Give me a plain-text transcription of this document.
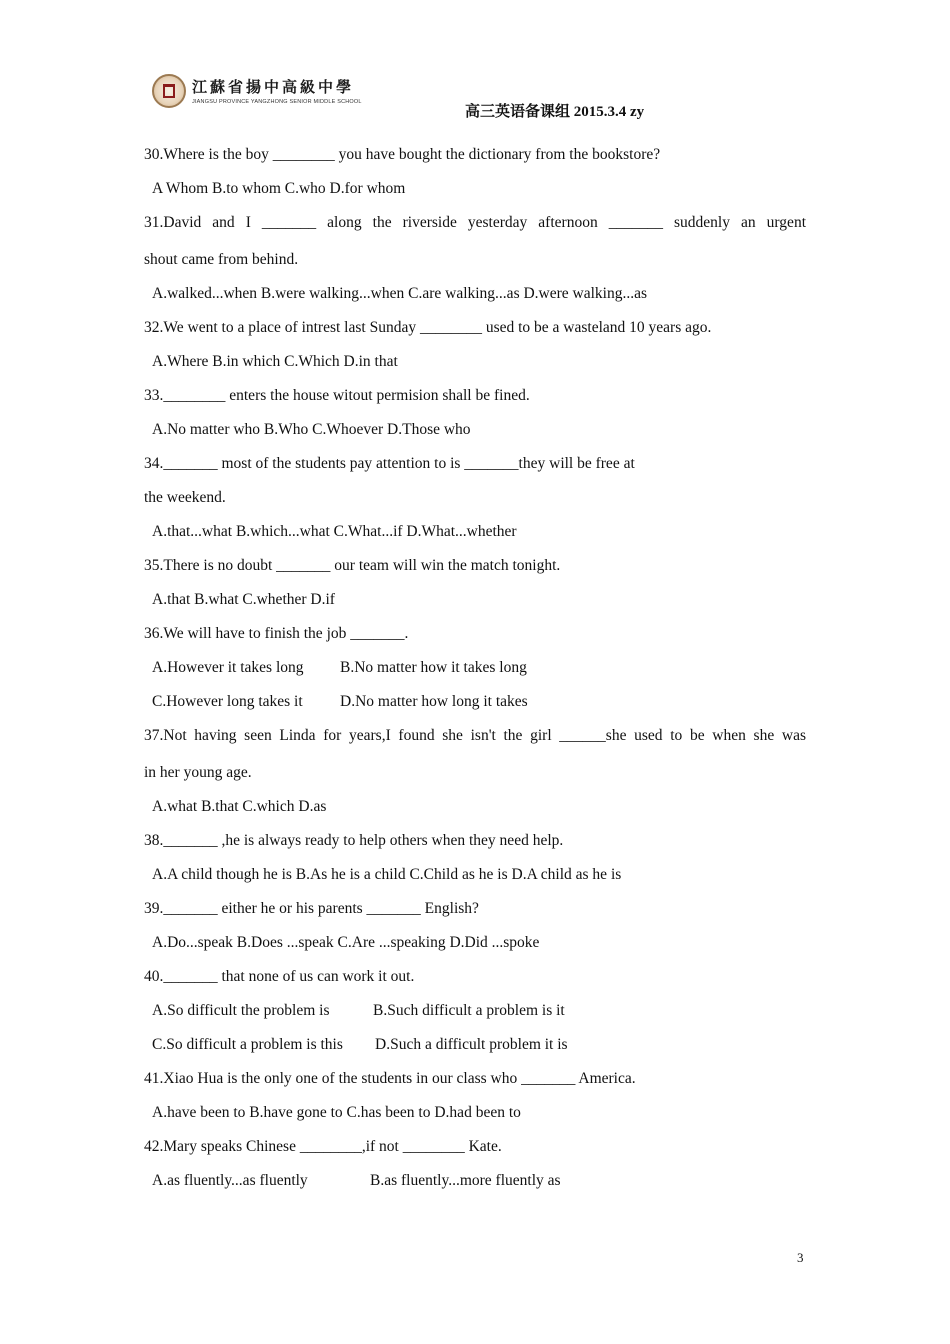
江蘇省揚中高級中學
JIANGSU PROVINCE YANGZHONG SENIOR MIDDLE SCHOOL
高三英语备课组 2015.3.4 zy

30.Where is the boy ________ you have bought the dictionary from the bookstore?

A Whom B.to whom C.who D.for whom

31.David and I _______ along the riverside yesterday afternoon _______ suddenly an urgent

shout came from behind.

A.walked...when B.were walking...when C.are walking...as D.were walking...as

32.We went to a place of intrest last Sunday ________ used to be a wasteland 10 years ago.

A.Where B.in which C.Which D.in that

33.________ enters the house witout permision shall be fined.

A.No matter who B.Who C.Whoever D.Those who

34._______ most of the students pay attention to is _______they will be free at

the weekend.

A.that...what B.which...what C.What...if D.What...whether

35.There is no doubt _______ our team will win the match tonight.

A.that B.what C.whether D.if

36.We will have to finish the job _______.

A.However it takes long B.No matter how it takes long

C.However long takes it D.No matter how long it takes

37.Not having seen Linda for years,I found she isn't the girl ______she used to be when she was

in her young age.

A.what B.that C.which D.as

38._______ ,he is always ready to help others when they need help.

A.A child though he is B.As he is a child C.Child as he is D.A child as he is

39._______ either he or his parents _______ English?

A.Do...speak B.Does ...speak C.Are ...speaking D.Did ...spoke

40._______ that none of us can work it out.

A.So difficult the problem is	B.Such difficult a problem is it

C.So difficult a problem is this D.Such a difficult problem it is

41.Xiao Hua is the only one of the students in our class who _______ America.

A.have been to B.have gone to C.has been to D.had been to

42.Mary speaks Chinese ________,if not ________ Kate.

A.as fluently...as fluently	B.as fluently...more fluently as

3
